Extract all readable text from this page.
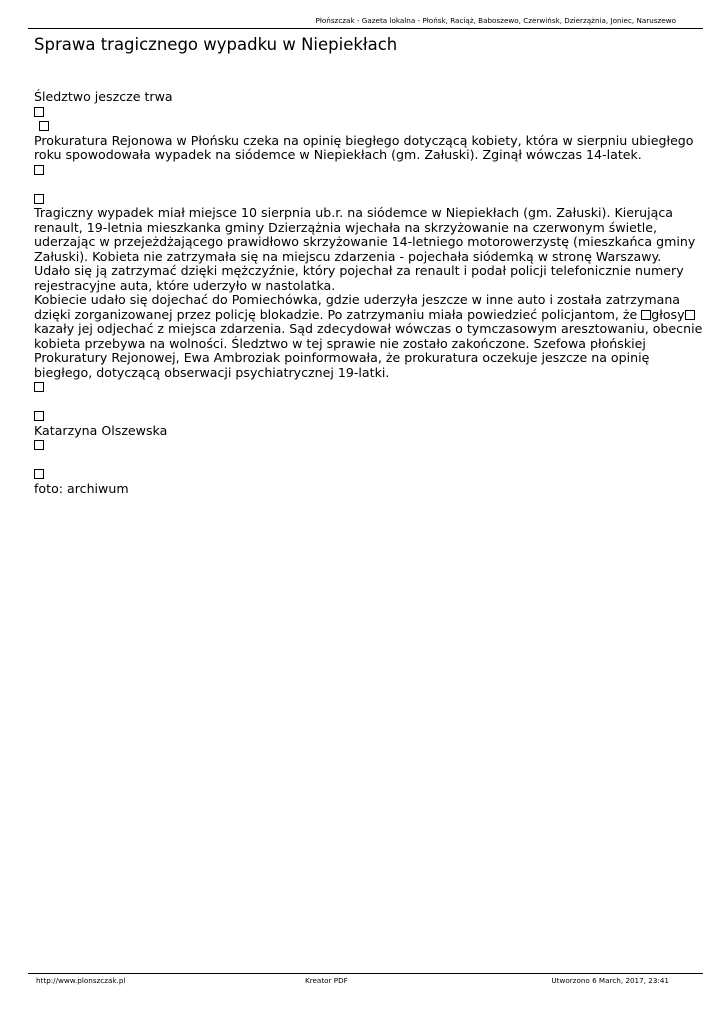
Płońszczak - Gazeta lokalna - Płońsk, Raciąż, Baboszewo, Czerwińsk, Dzierzążnia, Joniec, Naruszewo
Sprawa tragicznego wypadku w Niepiekłach
Śledztwo jeszcze trwa
Prokuratura Rejonowa w Płońsku czeka na opinię biegłego dotyczącą kobiety, która w sierpniu ubiegłego
roku spowodowała wypadek na siódemce w Niepiekłach (gm. Załuski). Zginął wówczas 14-latek.
Tragiczny wypadek miał miejsce 10 sierpnia ub.r. na siódemce w Niepiekłach (gm. Załuski). Kierująca
renault, 19-letnia mieszkanka gminy Dzierzążnia wjechała na skrzyżowanie na czerwonym świetle,
uderzając w przejeżdżającego prawidłowo skrzyżowanie 14-letniego motorowerzystę (mieszkańca gminy
Załuski). Kobieta nie zatrzymała się na miejscu zdarzenia - pojechała siódemką w stronę Warszawy.
Udało się ją zatrzymać dzięki mężczyźnie, który pojechał za renault i podał policji telefonicznie numery
rejestracyjne auta, które uderzyło w nastolatka.
Kobiecie udało się dojechać do Pomiechówka, gdzie uderzyła jeszcze w inne auto i została zatrzymana
dzięki zorganizowanej przez policję blokadzie. Po zatrzymaniu miała powiedzieć policjantom, że głosy
kazały jej odjechać z miejsca zdarzenia. Sąd zdecydował wówczas o tymczasowym aresztowaniu, obecnie
kobieta przebywa na wolności. Śledztwo w tej sprawie nie zostało zakończone. Szefowa płońskiej
Prokuratury Rejonowej, Ewa Ambroziak poinformowała, że prokuratura oczekuje jeszcze na opinię
biegłego, dotyczącą obserwacji psychiatrycznej 19-latki.
Katarzyna Olszewska
foto: archiwum
http://www.plonszczak.pl	Kreator PDF	Utworzono 6 March, 2017, 23:41
